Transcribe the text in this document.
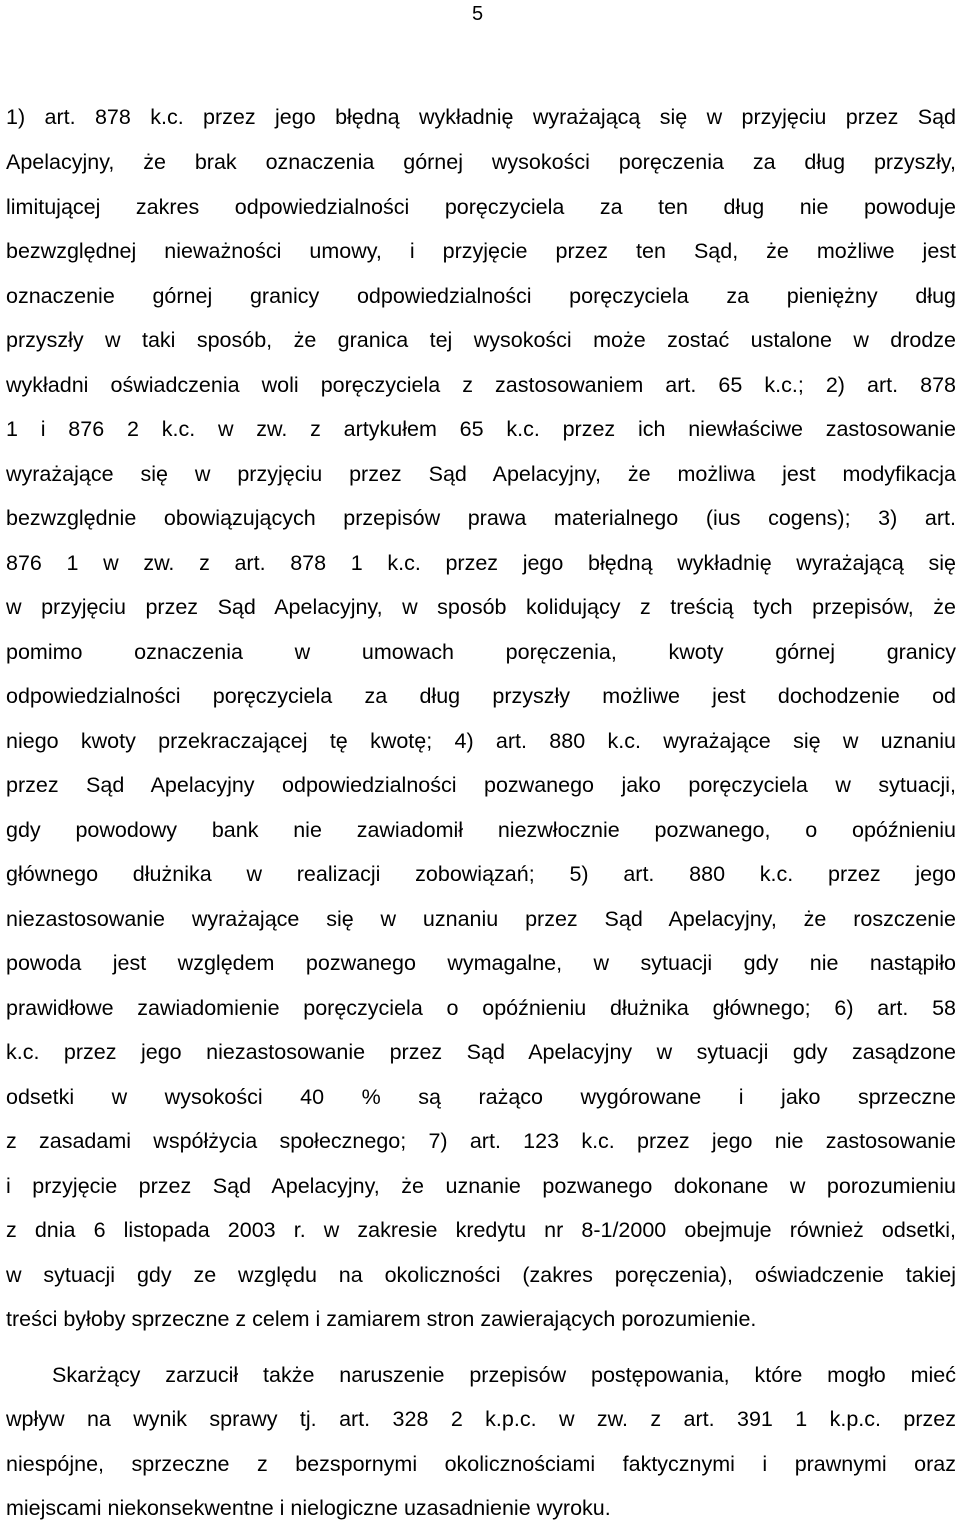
5
1) art. 878 k.c. przez jego błędną wykładnię wyrażającą się w przyjęciu przez Sąd
Apelacyjny, że brak oznaczenia górnej wysokości poręczenia za dług przyszły,
limitującej zakres odpowiedzialności poręczyciela za ten dług nie powoduje
bezwzględnej nieważności umowy, i przyjęcie przez ten Sąd, że możliwe jest
oznaczenie górnej granicy odpowiedzialności poręczyciela za pieniężny dług
przyszły w taki sposób, że granica tej wysokości może zostać ustalone w drodze
wykładni oświadczenia woli poręczyciela z zastosowaniem art. 65 k.c.; 2) art. 878
1 i 876 2 k.c. w zw. z artykułem 65 k.c. przez ich niewłaściwe zastosowanie
wyrażające się w przyjęciu przez Sąd Apelacyjny, że możliwa jest modyfikacja
bezwzględnie obowiązujących przepisów prawa materialnego (ius cogens); 3) art.
876 1 w zw. z art. 878 1 k.c. przez jego błędną wykładnię wyrażającą się
w przyjęciu przez Sąd Apelacyjny, w sposób kolidujący z treścią tych przepisów, że
pomimo oznaczenia w umowach poręczenia, kwoty górnej granicy
odpowiedzialności poręczyciela za dług przyszły możliwe jest dochodzenie od
niego kwoty przekraczającej tę kwotę; 4) art. 880 k.c. wyrażające się w uznaniu
przez Sąd Apelacyjny odpowiedzialności pozwanego jako poręczyciela w sytuacji,
gdy powodowy bank nie zawiadomił niezwłocznie pozwanego, o opóźnieniu
głównego dłużnika w realizacji zobowiązań; 5) art. 880 k.c. przez jego
niezastosowanie wyrażające się w uznaniu przez Sąd Apelacyjny, że roszczenie
powoda jest względem pozwanego wymagalne, w sytuacji gdy nie nastąpiło
prawidłowe zawiadomienie poręczyciela o opóźnieniu dłużnika głównego; 6) art. 58
k.c. przez jego niezastosowanie przez Sąd Apelacyjny w sytuacji gdy zasądzone
odsetki w wysokości 40 % są rażąco wygórowane i jako sprzeczne
z zasadami współżycia społecznego; 7) art. 123 k.c. przez jego nie zastosowanie
i przyjęcie przez Sąd Apelacyjny, że uznanie pozwanego dokonane w porozumieniu
z dnia 6 listopada 2003 r. w zakresie kredytu nr 8-1/2000 obejmuje również odsetki,
w sytuacji gdy ze względu na okoliczności (zakres poręczenia), oświadczenie takiej
treści byłoby sprzeczne z celem i zamiarem stron zawierających porozumienie.
Skarżący zarzucił także naruszenie przepisów postępowania, które mogło mieć
wpływ na wynik sprawy tj. art. 328 2 k.p.c. w zw. z art. 391 1 k.p.c. przez
niespójne, sprzeczne z bezspornymi okolicznościami faktycznymi i prawnymi oraz
miejscami niekonsekwentne i nielogiczne uzasadnienie wyroku.
